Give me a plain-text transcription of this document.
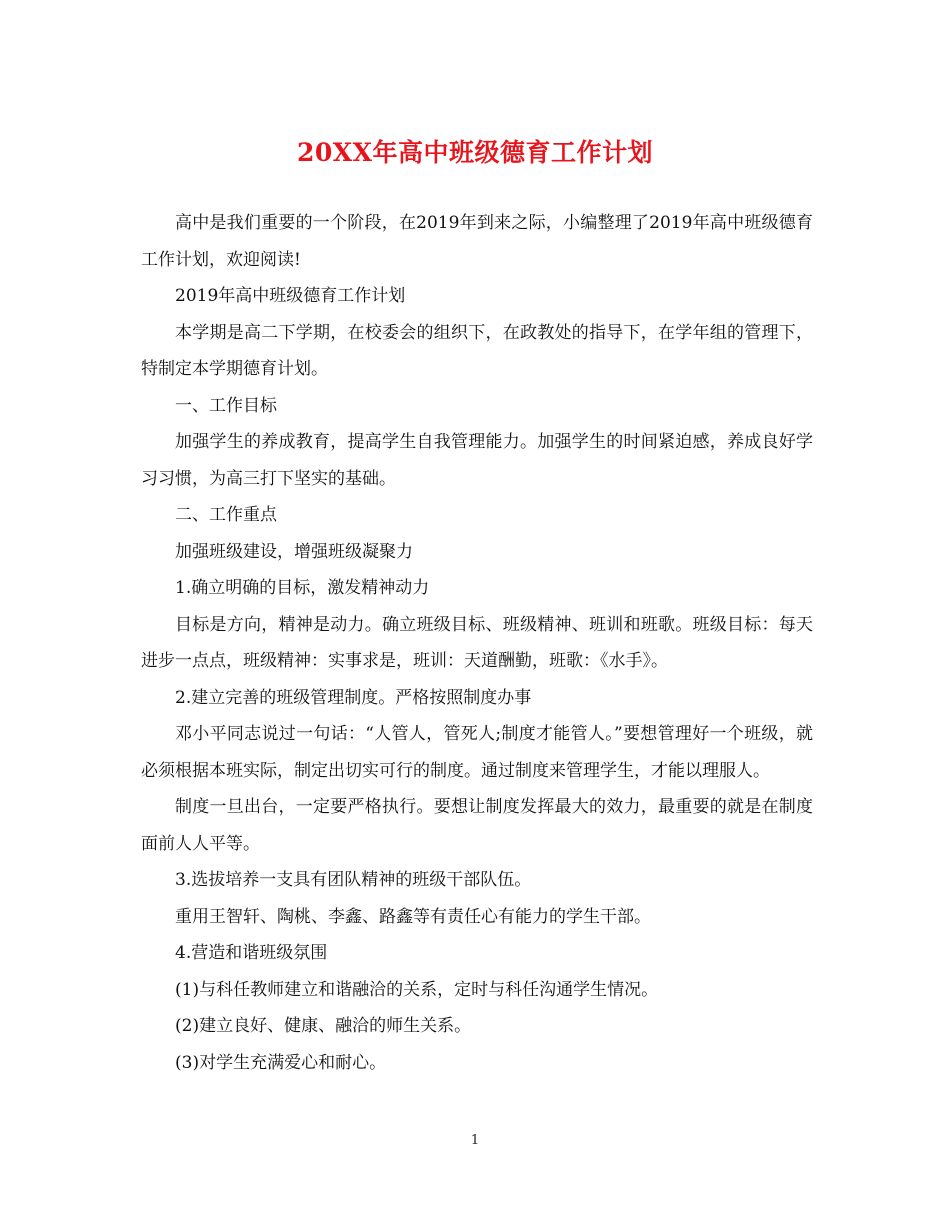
20XX年高中班级德育工作计划

高中是我们重要的一个阶段，在2019年到来之际，小编整理了2019年高中班级德育工作计划，欢迎阅读!

2019年高中班级德育工作计划

本学期是高二下学期，在校委会的组织下，在政教处的指导下，在学年组的管理下，特制定本学期德育计划。

一、工作目标

加强学生的养成教育，提高学生自我管理能力。加强学生的时间紧迫感，养成良好学习习惯，为高三打下坚实的基础。

二、工作重点

加强班级建设，增强班级凝聚力

1.确立明确的目标，激发精神动力

目标是方向，精神是动力。确立班级目标、班级精神、班训和班歌。班级目标：每天进步一点点，班级精神：实事求是，班训：天道酬勤，班歌：《水手》。

2.建立完善的班级管理制度。严格按照制度办事

邓小平同志说过一句话：“人管人，管死人;制度才能管人。”要想管理好一个班级，就必须根据本班实际，制定出切实可行的制度。通过制度来管理学生，才能以理服人。

制度一旦出台，一定要严格执行。要想让制度发挥最大的效力，最重要的就是在制度面前人人平等。

3.选拔培养一支具有团队精神的班级干部队伍。

重用王智轩、陶桃、李鑫、路鑫等有责任心有能力的学生干部。

4.营造和谐班级氛围

(1)与科任教师建立和谐融洽的关系，定时与科任沟通学生情况。

(2)建立良好、健康、融洽的师生关系。

(3)对学生充满爱心和耐心。

1
